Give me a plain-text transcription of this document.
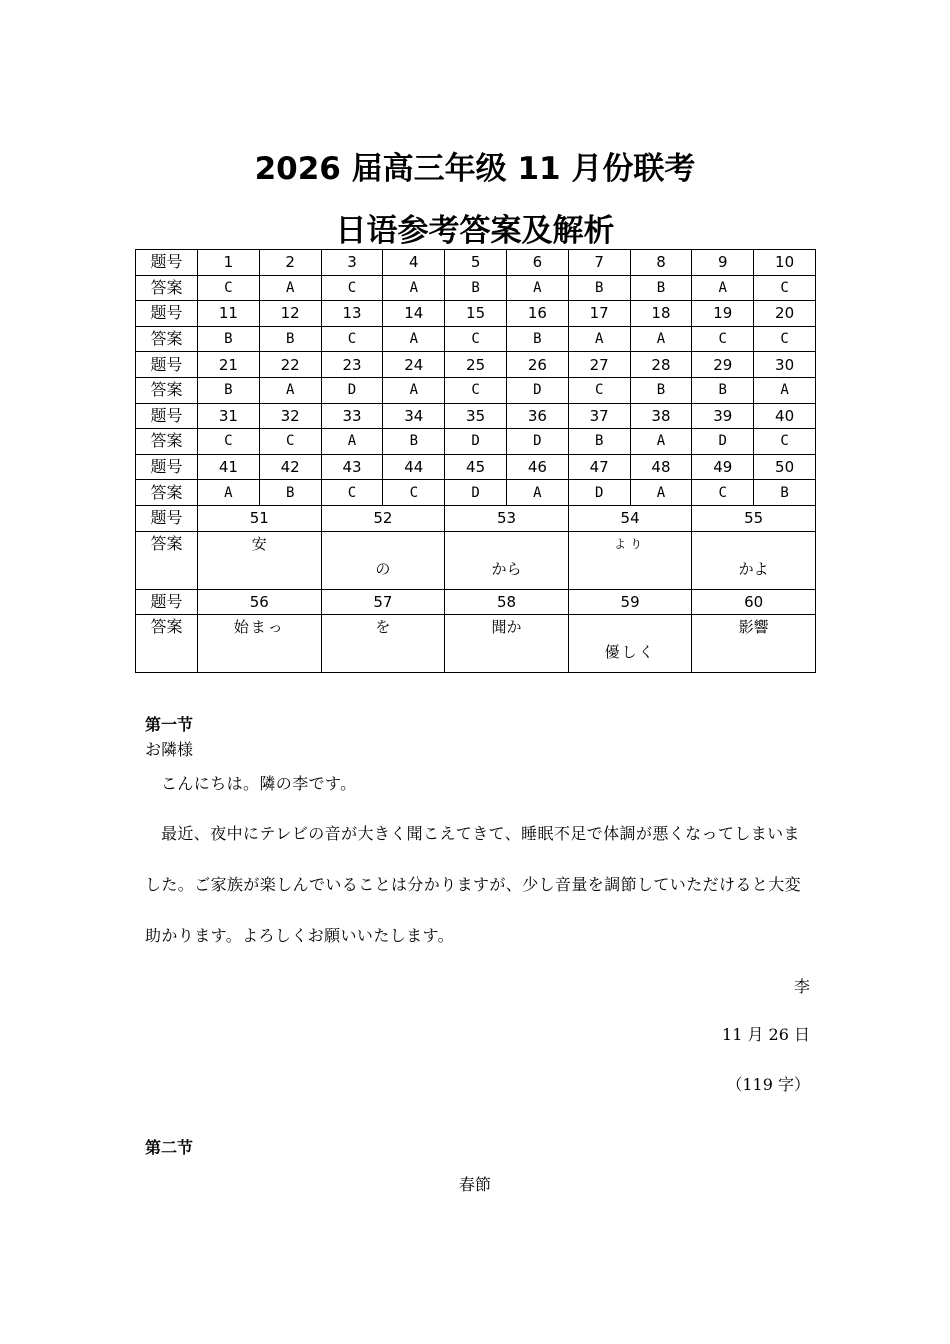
2026 届高三年级 11 月份联考
日语参考答案及解析
题号	1	2	3	4	5	6	7	8	9	10
答案	C	A	C	A	B	A	B	B	A	C
题号	11	12	13	14	15	16	17	18	19	20
答案	B	B	C	A	C	B	A	A	C	C
题号	21	22	23	24	25	26	27	28	29	30
答案	B	A	D	A	C	D	C	B	B	A
题号	31	32	33	34	35	36	37	38	39	40
答案	C	C	A	B	D	D	B	A	D	C
题号	41	42	43	44	45	46	47	48	49	50
答案	A	B	C	C	D	A	D	A	C	B
题号	51		52		53		54		55	
答案	安		の		から		より		かよ	
题号	56		57		58		59		60	
答案	始まっ		を		聞か		優しく		影響	
第一节
お隣様
こんにちは。隣の李です。
最近、夜中にテレビの音が大きく聞こえてきて、睡眠不足で体調が悪くなってしまいました。ご家族が楽しんでいることは分かりますが、少し音量を調節していただけると大変助かります。よろしくお願いいたします。
李
11 月 26 日
（119 字）
第二节
春節
